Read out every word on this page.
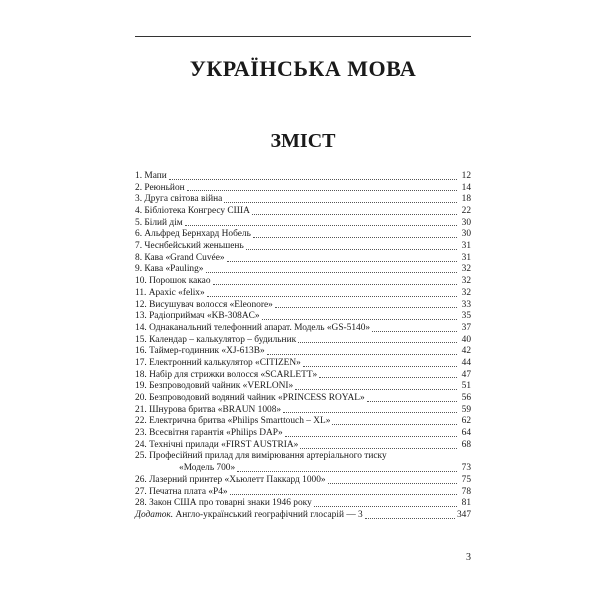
УКРАЇНСЬКА МОВА
ЗМІСТ
1. Мапи	12
2. Реюньйон	14
3. Друга світова війна	18
4. Бібліотека Конгресу США	22
5. Білий дім	30
6. Альфред Бернхард Нобель	30
7. Чеснбейський женьшень	31
8. Кава «Grand Cuvée»	31
9. Кава «Pauling»	32
10. Порошок какао	32
11. Арахіс «felix»	32
12. Висушувач волосся «Eleonore»	33
13. Радіоприймач «KB-308AC»	35
14. Однаканальний телефонний апарат. Модель «GS-5140»	37
15. Календар – калькулятор – будильник	40
16. Таймер-годинник «XJ-613B»	42
17. Електронний калькулятор «CITIZEN»	44
18. Набір для стрижки волосся «SCARLETT»	47
19. Безпроводовий чайник «VERLONI»	51
20. Безпроводовий водяний чайник «PRINCESS ROYAL»	56
21. Шнурова бритва «BRAUN 1008»	59
22. Електрична бритва «Philips Smarttouch – XL»	62
23. Всесвітня гарантія «Philips DAP»	64
24. Технічні прилади «FIRST AUSTRIA»	68
25. Професійний прилад для вимірювання артеріального тиску
«Модель 700»	73
26. Лазерний принтер «Хьюлетт Паккард 1000»	75
27. Печатна плата «P4»	78
28. Закон США про товарні знаки 1946 року	81
Додаток. Англо-український географічний глосарій — 3	347
3
